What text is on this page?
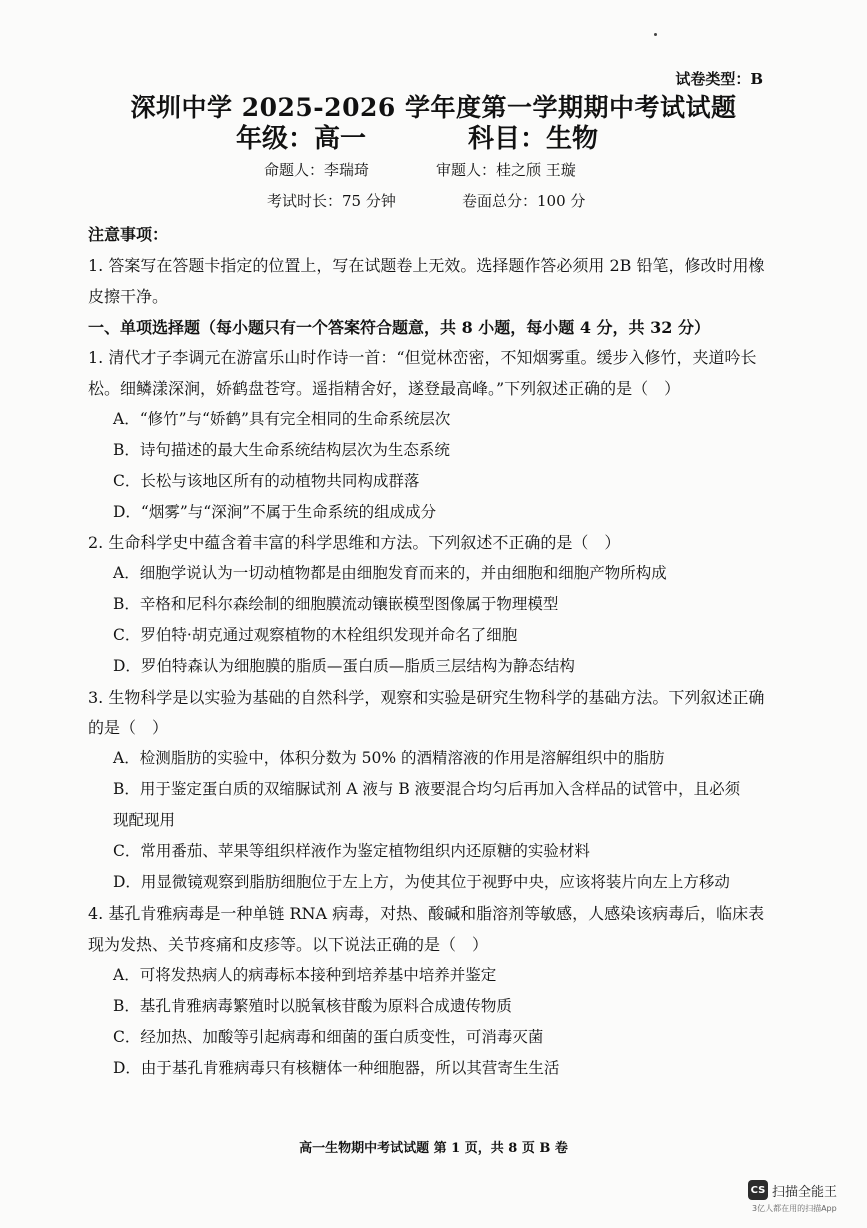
试卷类型：B
深圳中学 2025-2026 学年度第一学期期中考试试题
年级：高一	科目：生物
命题人：李瑞琦	审题人：桂之颀 王璇
考试时长：75 分钟	卷面总分：100 分
注意事项：
1. 答案写在答题卡指定的位置上，写在试题卷上无效。选择题作答必须用 2B 铅笔，修改时用橡
皮擦干净。
一、单项选择题（每小题只有一个答案符合题意，共 8 小题，每小题 4 分，共 32 分）
1. 清代才子李调元在游富乐山时作诗一首：“但觉林峦密，不知烟雾重。缓步入修竹，夹道吟长
松。细鳞漾深涧，娇鹤盘苍穹。遥指精舍好，遂登最高峰。”下列叙述正确的是（　）
A．“修竹”与“娇鹤”具有完全相同的生命系统层次
B．诗句描述的最大生命系统结构层次为生态系统
C．长松与该地区所有的动植物共同构成群落
D．“烟雾”与“深涧”不属于生命系统的组成成分
2. 生命科学史中蕴含着丰富的科学思维和方法。下列叙述不正确的是（　）
A．细胞学说认为一切动植物都是由细胞发育而来的，并由细胞和细胞产物所构成
B．辛格和尼科尔森绘制的细胞膜流动镶嵌模型图像属于物理模型
C．罗伯特·胡克通过观察植物的木栓组织发现并命名了细胞
D．罗伯特森认为细胞膜的脂质—蛋白质—脂质三层结构为静态结构
3. 生物科学是以实验为基础的自然科学，观察和实验是研究生物科学的基础方法。下列叙述正确
的是（　）
A．检测脂肪的实验中，体积分数为 50% 的酒精溶液的作用是溶解组织中的脂肪
B．用于鉴定蛋白质的双缩脲试剂 A 液与 B 液要混合均匀后再加入含样品的试管中，且必须
现配现用
C．常用番茄、苹果等组织样液作为鉴定植物组织内还原糖的实验材料
D．用显微镜观察到脂肪细胞位于左上方，为使其位于视野中央，应该将装片向左上方移动
4. 基孔肯雅病毒是一种单链 RNA 病毒，对热、酸碱和脂溶剂等敏感，人感染该病毒后，临床表
现为发热、关节疼痛和皮疹等。以下说法正确的是（　）
A．可将发热病人的病毒标本接种到培养基中培养并鉴定
B．基孔肯雅病毒繁殖时以脱氧核苷酸为原料合成遗传物质
C．经加热、加酸等引起病毒和细菌的蛋白质变性，可消毒灭菌
D．由于基孔肯雅病毒只有核糖体一种细胞器，所以其营寄生生活
高一生物期中考试试题 第 1 页，共 8 页 B 卷
CS 扫描全能王
3亿人都在用的扫描App
